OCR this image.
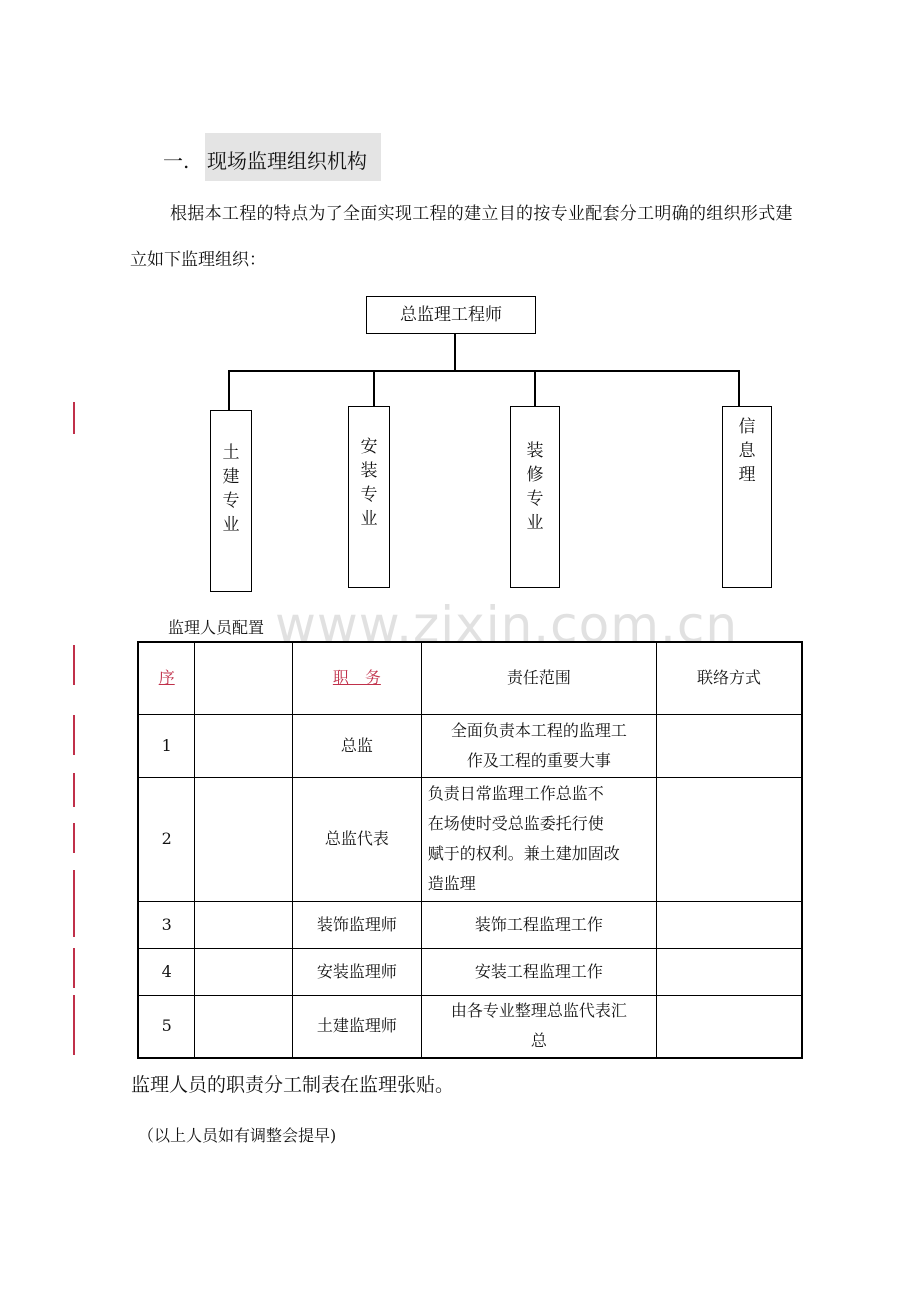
一. 现场监理组织机构
根据本工程的特点为了全面实现工程的建立目的按专业配套分工明确的组织形式建
立如下监理组织：
总监理工程师
土
建
专
业
安
装
专
业
装
修
专
业
信
息
理
监理人员配置 www.zixin.com.cn
序		职　务	责任范围	联络方式
1		总监	全面负责本工程的监理工
作及工程的重要大事	

2		总监代表	负责日常监理工作总监不
在场使时受总监委托行使
赋于的权利。兼土建加固改
造监理	

3		装饰监理师	装饰工程监理工作	

4		安装监理师	安装工程监理工作	

5		土建监理师	由各专业整理总监代表汇
总	

监理人员的职责分工制表在监理张贴。
（以上人员如有调整会提早)
